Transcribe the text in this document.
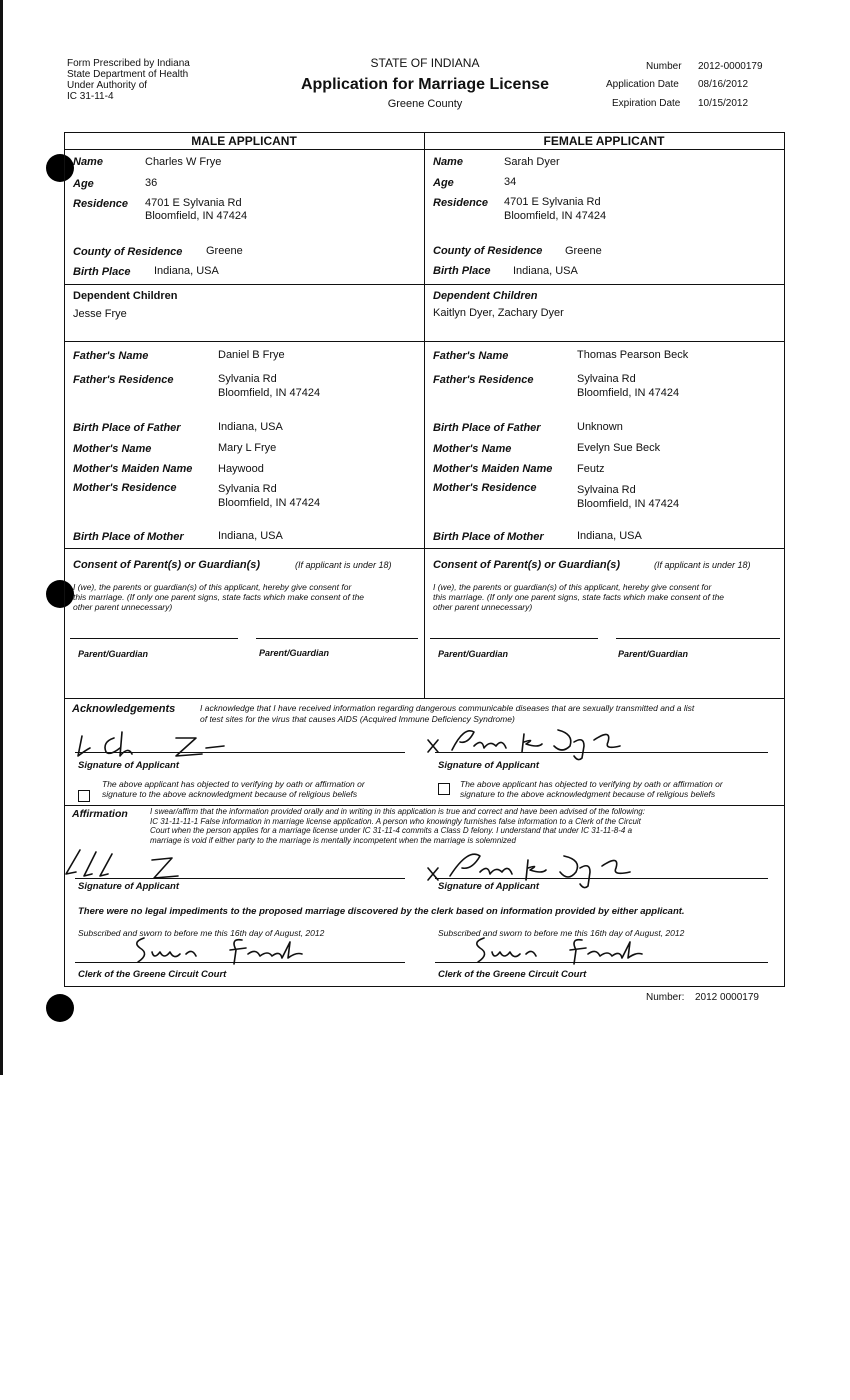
Form Prescribed by Indiana
State Department of Health
Under Authority of
IC 31-11-4
STATE OF INDIANA
Application for Marriage License
Greene County
Number 2012-0000179
Application Date 08/16/2012
Expiration Date 10/15/2012
MALE APPLICANT	FEMALE APPLICANT
Name	Charles W Frye
Age	36
Residence 4701 E Sylvania Rd
Bloomfield, IN 47424
County of Residence Greene
Birth Place Indiana, USA
Dependent Children
Jesse Frye
Father's Name	Daniel B Frye
Father's Residence	Sylvania Rd
Bloomfield, IN 47424
Birth Place of Father	Indiana, USA
Mother's Name	Mary L Frye
Mother's Maiden Name Haywood
Mother's Residence	Sylvania Rd
Bloomfield, IN 47424
Birth Place of Mother	Indiana, USA
Name	Sarah Dyer
Age	34
Residence 4701 E Sylvania Rd
Bloomfield, IN 47424
County of Residence Greene
Birth Place Indiana, USA
Dependent Children
Kaitlyn Dyer, Zachary Dyer
Father's Name	Thomas Pearson Beck
Father's Residence	Sylvaina Rd
Bloomfield, IN 47424
Birth Place of Father	Unknown
Mother's Name	Evelyn Sue Beck
Mother's Maiden Name Feutz
Mother's Residence	Sylvaina Rd
Bloomfield, IN 47424
Birth Place of Mother	Indiana, USA
Consent of Parent(s) or Guardian(s)	(If applicant is under 18)
I (we), the parents or guardian(s) of this applicant, hereby give consent for
this marriage. (If only one parent signs, state facts which make consent of the
other parent unnecessary)
Parent/Guardian	Parent/Guardian
Consent of Parent(s) or Guardian(s)	(If applicant is under 18)
I (we), the parents or guardian(s) of this applicant, hereby give consent for
this marriage. (If only one parent signs, state facts which make consent of the
other parent unnecessary)
Parent/Guardian	Parent/Guardian
Acknowledgements	I acknowledge that I have received information regarding dangerous communicable diseases that are sexually transmitted and a list
of test sites for the virus that causes AIDS (Acquired Immune Deficiency Syndrome)
Signature of Applicant
The above applicant has objected to verifying by oath or affirmation or
signature to the above acknowledgment because of religious beliefs
Signature of Applicant
The above applicant has objected to verifying by oath or affirmation or
signature to the above acknowledgment because of religious beliefs
Affirmation	I swear/affirm that the information provided orally and in writing in this application is true and correct and have been advised of the following:
IC 31-11-11-1 False information in marriage license application. A person who knowingly furnishes false information to a Clerk of the Circuit
Court when the person applies for a marriage license under IC 31-11-4 commits a Class D felony. I understand that under IC 31-11-8-4 a
marriage is void if either party to the marriage is mentally incompetent when the marriage is solemnized
Signature of Applicant	Signature of Applicant
There were no legal impediments to the proposed marriage discovered by the clerk based on information provided by either applicant.
Subscribed and sworn to before me this 16th day of August, 2012
Clerk of the Greene Circuit Court
Subscribed and sworn to before me this 16th day of August, 2012
Clerk of the Greene Circuit Court
Number: 2012 0000179
